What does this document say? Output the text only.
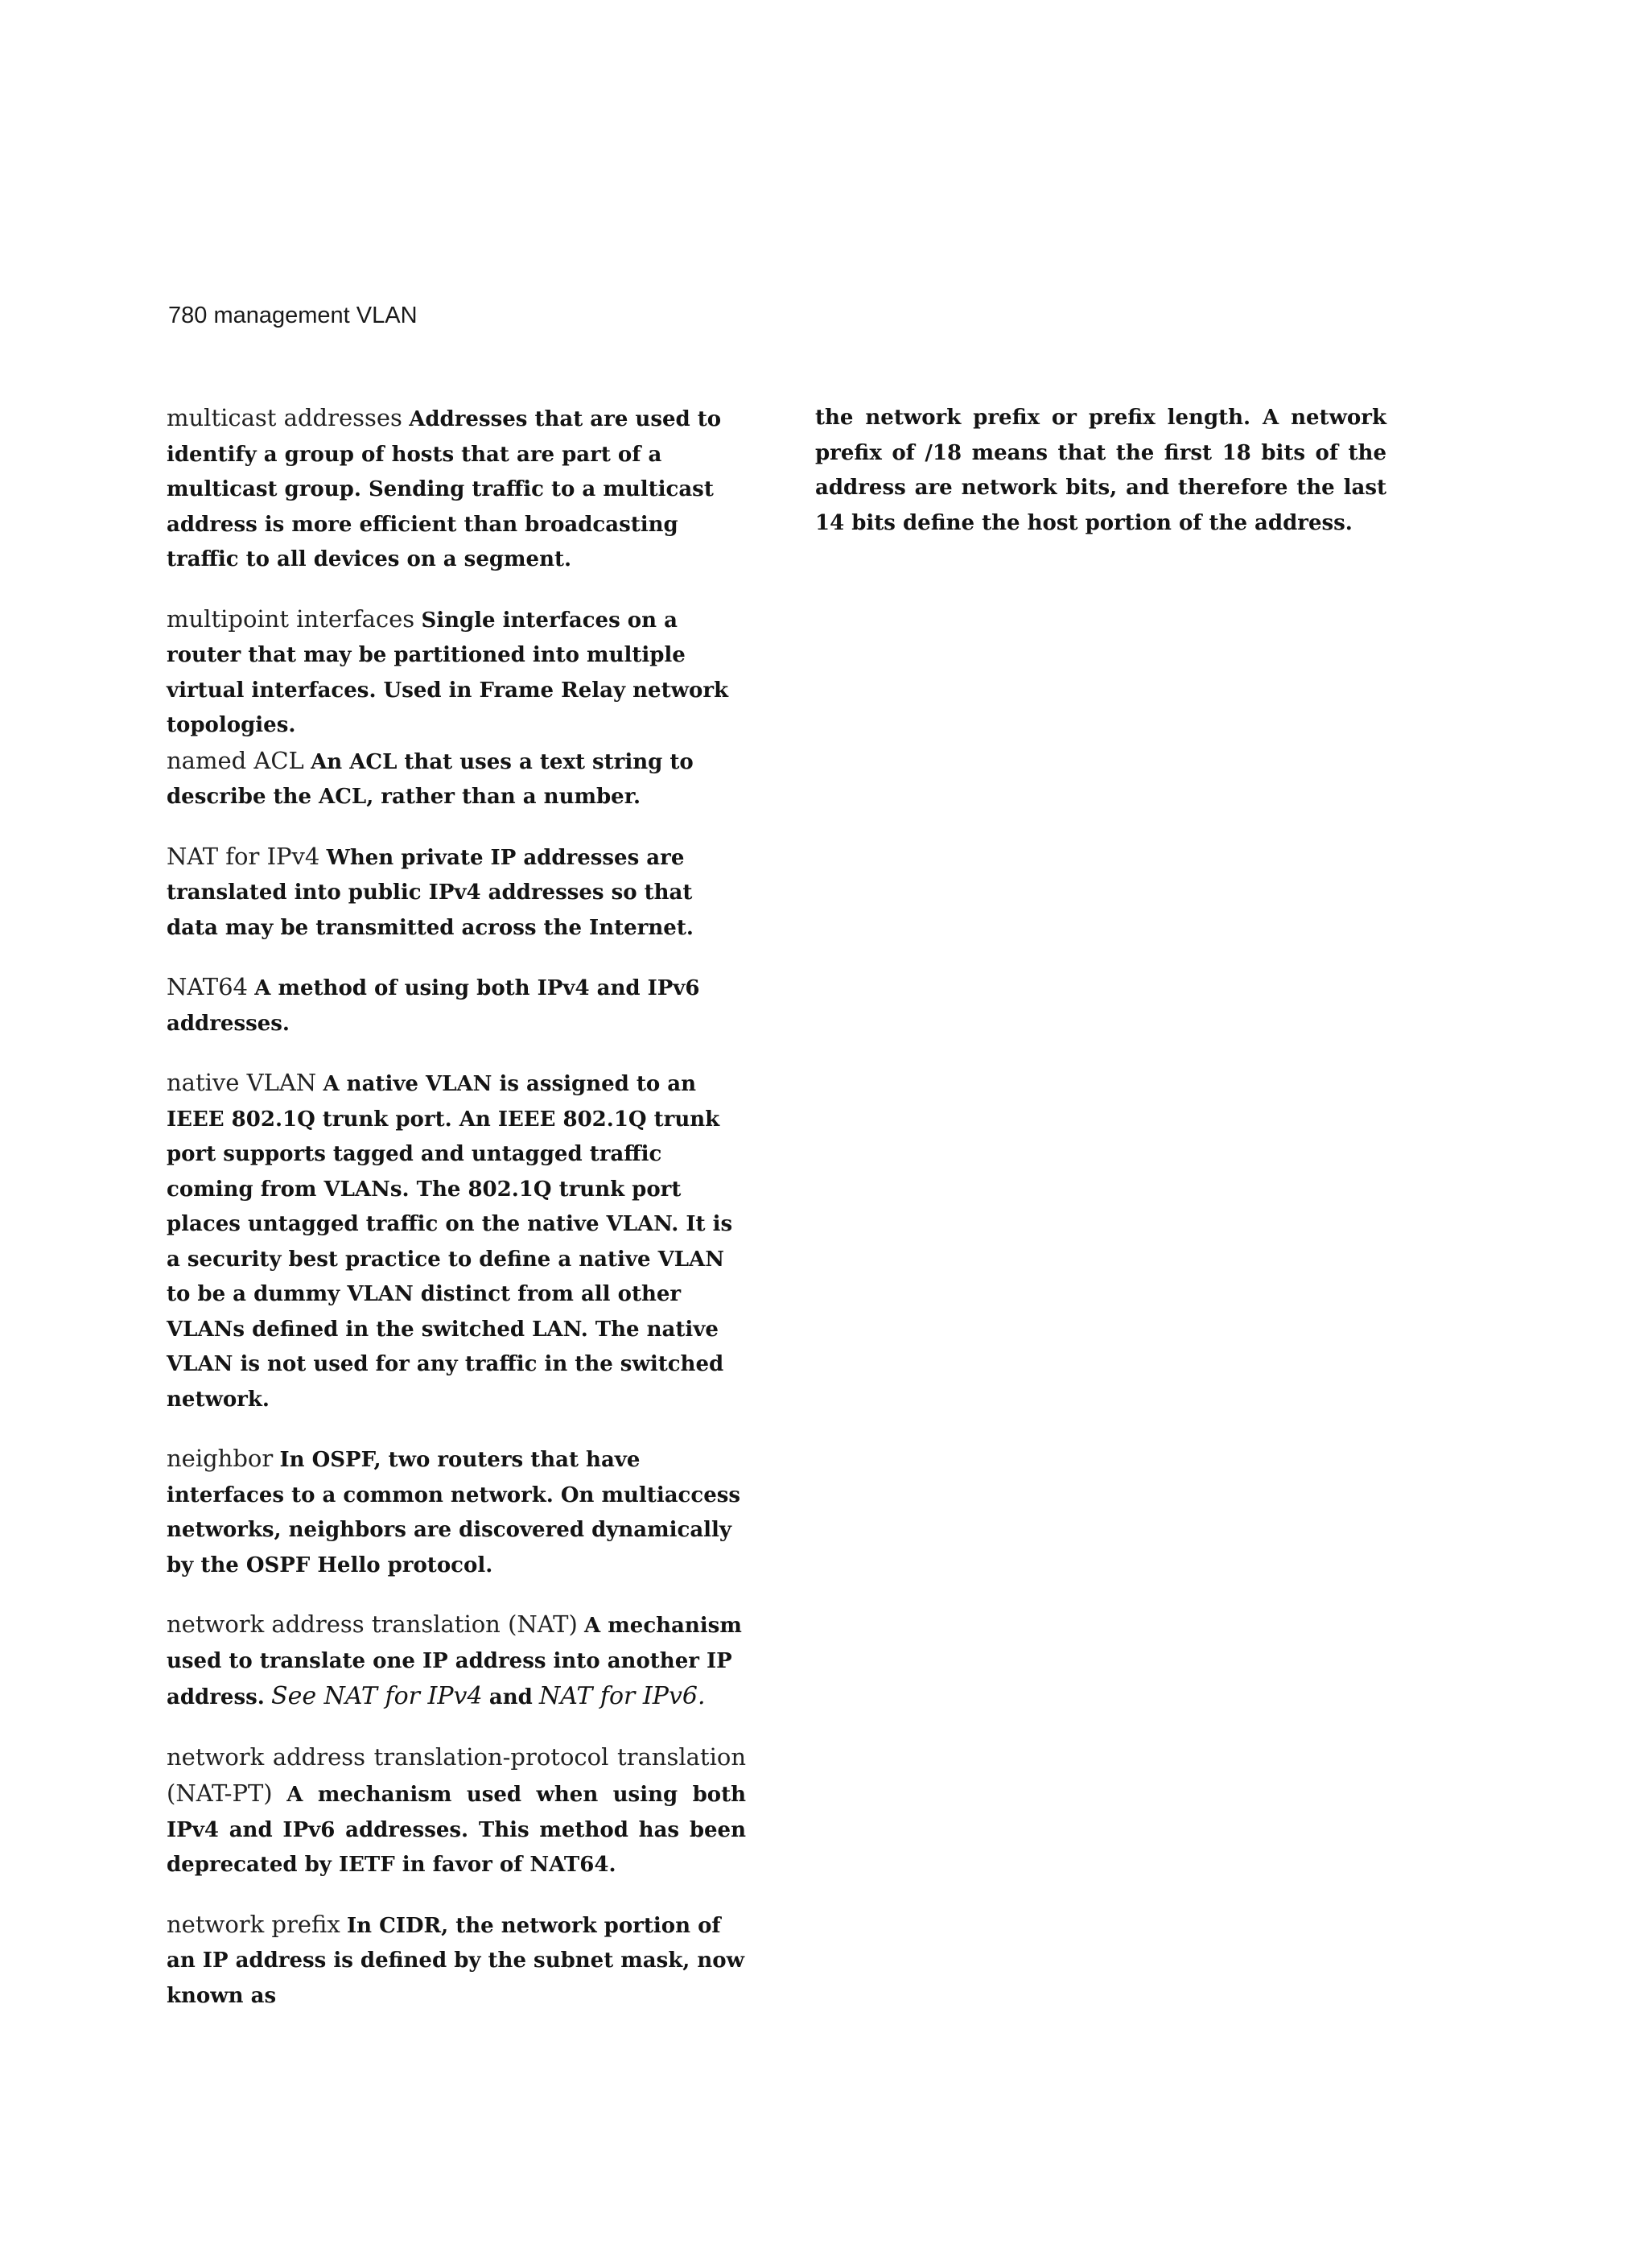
780 management VLAN

multicast addresses Addresses that are used to identify a group of hosts that are part of a multicast group. Sending traffic to a multicast address is more efficient than broadcasting traffic to all devices on a segment.

multipoint interfaces Single interfaces on a router that may be partitioned into multiple virtual interfaces. Used in Frame Relay network topologies.

named ACL An ACL that uses a text string to describe the ACL, rather than a number.

NAT for IPv4 When private IP addresses are translated into public IPv4 addresses so that data may be transmitted across the Internet.

NAT64 A method of using both IPv4 and IPv6 addresses.

native VLAN A native VLAN is assigned to an IEEE 802.1Q trunk port. An IEEE 802.1Q trunk port supports tagged and untagged traffic coming from VLANs. The 802.1Q trunk port places untagged traffic on the native VLAN. It is a security best practice to define a native VLAN to be a dummy VLAN distinct from all other VLANs defined in the switched LAN. The native VLAN is not used for any traffic in the switched network.

neighbor In OSPF, two routers that have interfaces to a common network. On multiaccess networks, neighbors are discovered dynamically by the OSPF Hello protocol.

network address translation (NAT) A mechanism used to translate one IP address into another IP address. See NAT for IPv4 and NAT for IPv6.

network address translation-protocol translation (NAT-PT) A mechanism used when using both IPv4 and IPv6 addresses. This method has been deprecated by IETF in favor of NAT64.

network prefix In CIDR, the network portion of an IP address is defined by the subnet mask, now known as

the network prefix or prefix length. A network prefix of /18 means that the first 18 bits of the address are network bits, and therefore the last 14 bits define the host portion of the address.
